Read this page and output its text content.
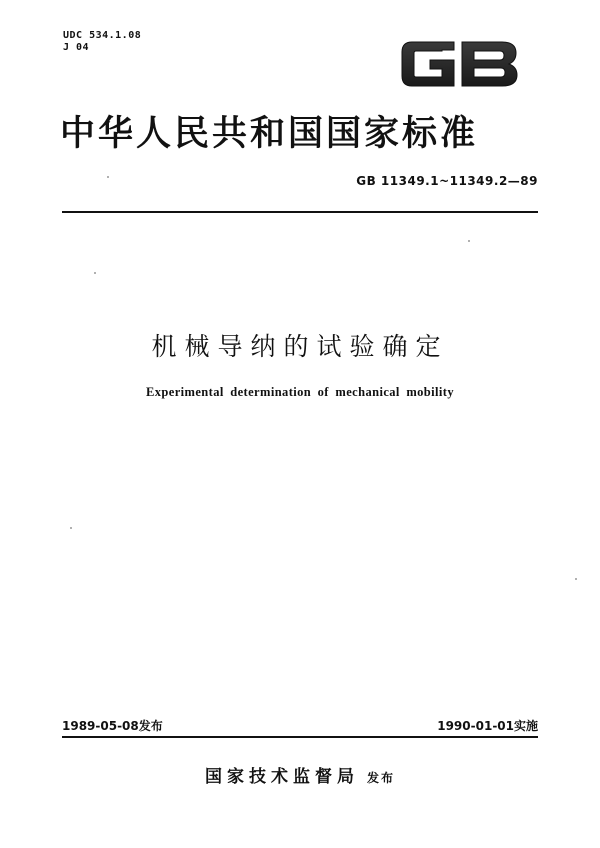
UDC 534.1.08
J 04
GB
中华人民共和国国家标准
GB 11349.1~11349.2—89
机械导纳的试验确定
Experimental determination of mechanical mobility
1989-05-08发布	1990-01-01实施
国家技术监督局 发布
